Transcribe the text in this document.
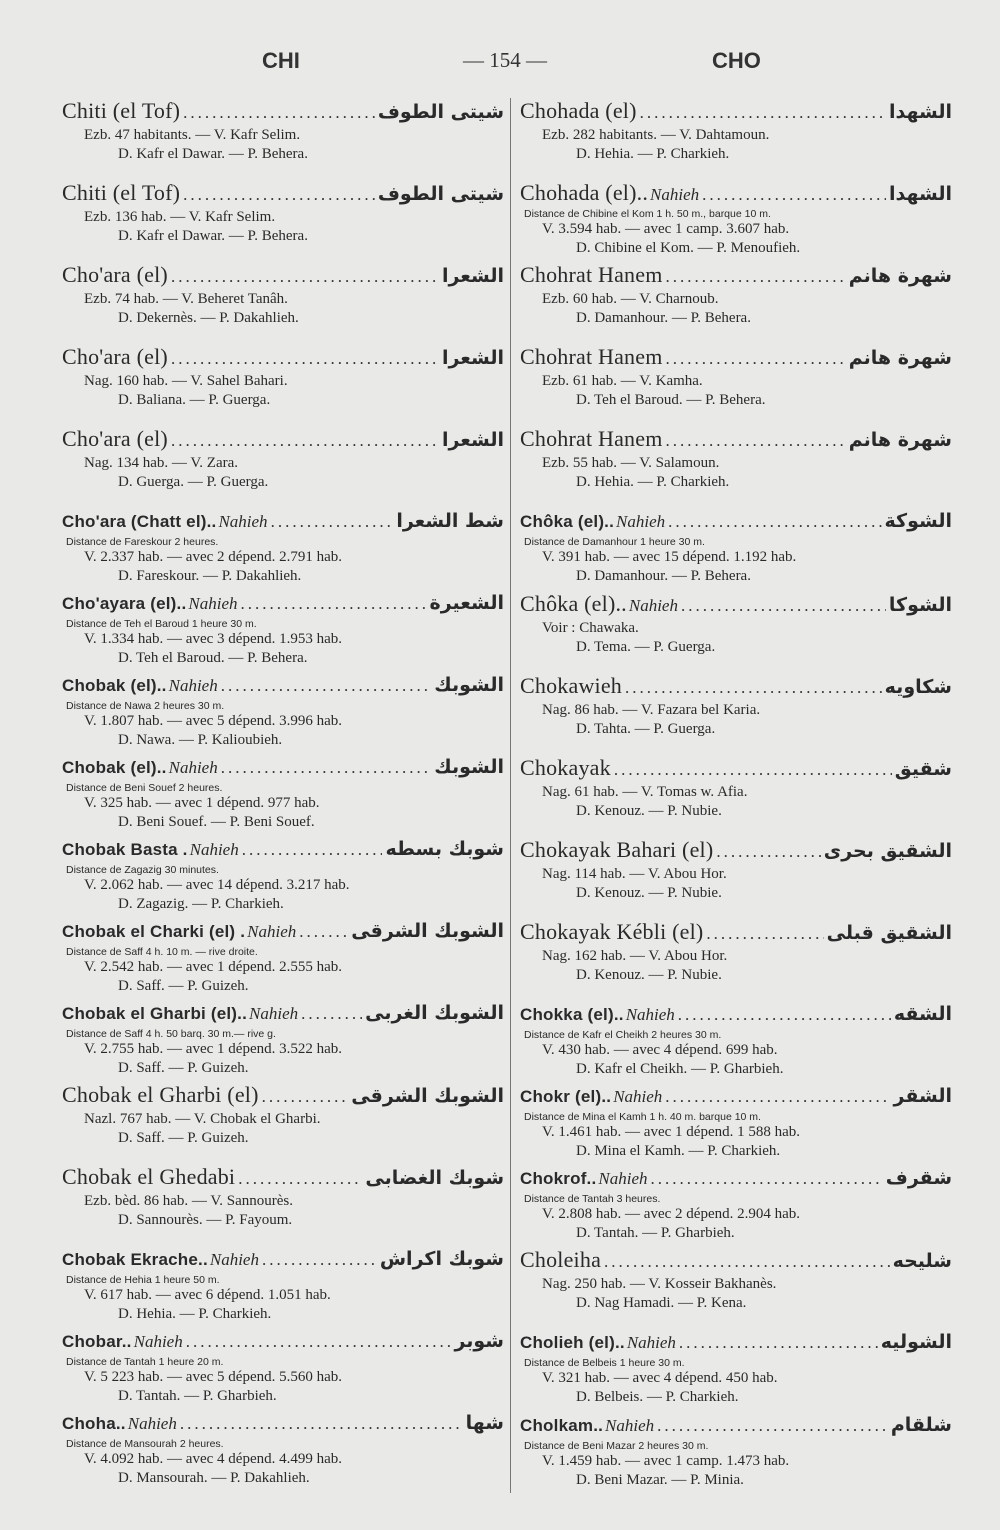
CHI	— 154 —	CHO
Chiti (el Tof) .....	شيتى الطوف
Ezb. 47 habitants. — V. Kafr Selim.
D. Kafr el Dawar. — P. Behera.
Chiti (el Tof) .....	شيتى الطوف
Ezb. 136 hab. — V. Kafr Selim.
D. Kafr el Dawar. — P. Behera.
Cho'ara (el) .....	الشعرا
Ezb. 74 hab. — V. Beheret Tanâh.
D. Dekernès. — P. Dakahlieh.
Cho'ara (el) .....	الشعرا
Nag. 160 hab. — V. Sahel Bahari.
D. Baliana. — P. Guerga.
Cho'ara (el) .....	الشعرا
Nag. 134 hab. — V. Zara.
D. Guerga. — P. Guerga.
Cho'ara (Chatt el).. Nahieh .....	شط الشعرا
Distance de Fareskour 2 heures.
V. 2.337 hab. — avec 2 dépend. 2.791 hab.
D. Fareskour. — P. Dakahlieh.
Cho'ayara (el).. Nahieh .....	الشعيرة
Distance de Teh el Baroud 1 heure 30 m.
V. 1.334 hab. — avec 3 dépend. 1.953 hab.
D. Teh el Baroud. — P. Behera.
Chobak (el).. Nahieh .....	الشوبك
Distance de Nawa 2 heures 30 m.
V. 1.807 hab. — avec 5 dépend. 3.996 hab.
D. Nawa. — P. Kalioubieh.
Chobak (el).. Nahieh .....	الشوبك
Distance de Beni Souef 2 heures.
V. 325 hab. — avec 1 dépend. 977 hab.
D. Beni Souef. — P. Beni Souef.
Chobak Basta . Nahieh .....	شوبك بسطه
Distance de Zagazig 30 minutes.
V. 2.062 hab. — avec 14 dépend. 3.217 hab.
D. Zagazig. — P. Charkieh.
Chobak el Charki (el) . Nahieh .....	الشوبك الشرقى
Distance de Saff 4 h. 10 m. — rive droite.
V. 2.542 hab. — avec 1 dépend. 2.555 hab.
D. Saff. — P. Guizeh.
Chobak el Gharbi (el).. Nahieh .....	الشوبك الغربى
Distance de Saff 4 h. 50 barq. 30 m.— rive g.
V. 2.755 hab. — avec 1 dépend. 3.522 hab.
D. Saff. — P. Guizeh.
Chobak el Gharbi (el) .....	الشوبك الشرقى
Nazl. 767 hab. — V. Chobak el Gharbi.
D. Saff. — P. Guizeh.
Chobak el Ghedabi .....	شوبك الغضابى
Ezb. bèd. 86 hab. — V. Sannourès.
D. Sannourès. — P. Fayoum.
Chobak Ekrache.. Nahieh .....	شوبك اكراش
Distance de Hehia 1 heure 50 m.
V. 617 hab. — avec 6 dépend. 1.051 hab.
D. Hehia. — P. Charkieh.
Chobar.. Nahieh .....	شوبر
Distance de Tantah 1 heure 20 m.
V. 5 223 hab. — avec 5 dépend. 5.560 hab.
D. Tantah. — P. Gharbieh.
Choha.. Nahieh .....	شها
Distance de Mansourah 2 heures.
V. 4.092 hab. — avec 4 dépend. 4.499 hab.
D. Mansourah. — P. Dakahlieh.
Chohada (el) .....	الشهدا
Ezb. 282 habitants. — V. Dahtamoun.
D. Hehia. — P. Charkieh.
Chohada (el).. Nahieh .....	الشهدا
Distance de Chibine el Kom 1 h. 50 m., barque 10 m.
V. 3.594 hab. — avec 1 camp. 3.607 hab.
D. Chibine el Kom. — P. Menoufieh.
Chohrat Hanem .....	شهرة هانم
Ezb. 60 hab. — V. Charnoub.
D. Damanhour. — P. Behera.
Chohrat Hanem .....	شهرة هانم
Ezb. 61 hab. — V. Kamha.
D. Teh el Baroud. — P. Behera.
Chohrat Hanem .....	شهرة هانم
Ezb. 55 hab. — V. Salamoun.
D. Hehia. — P. Charkieh.
Chôka (el).. Nahieh .....	الشوكة
Distance de Damanhour 1 heure 30 m.
V. 391 hab. — avec 15 dépend. 1.192 hab.
D. Damanhour. — P. Behera.
Chôka (el).. Nahieh .....	الشوكا
Voir : Chawaka.
D. Tema. — P. Guerga.
Chokawieh .....	شكاويه
Nag. 86 hab. — V. Fazara bel Karia.
D. Tahta. — P. Guerga.
Chokayak .....	شقيق
Nag. 61 hab. — V. Tomas w. Afia.
D. Kenouz. — P. Nubie.
Chokayak Bahari (el) .....	الشقيق بحرى
Nag. 114 hab. — V. Abou Hor.
D. Kenouz. — P. Nubie.
Chokayak Kébli (el) .....	الشقيق قبلى
Nag. 162 hab. — V. Abou Hor.
D. Kenouz. — P. Nubie.
Chokka (el).. Nahieh .....	الشقه
Distance de Kafr el Cheikh 2 heures 30 m.
V. 430 hab. — avec 4 dépend. 699 hab.
D. Kafr el Cheikh. — P. Gharbieh.
Chokr (el).. Nahieh .....	الشقر
Distance de Mina el Kamh 1 h. 40 m. barque 10 m.
V. 1.461 hab. — avec 1 dépend. 1 588 hab.
D. Mina el Kamh. — P. Charkieh.
Chokrof.. Nahieh .....	شقرف
Distance de Tantah 3 heures.
V. 2.808 hab. — avec 2 dépend. 2.904 hab.
D. Tantah. — P. Gharbieh.
Choleiha .....	شليحه
Nag. 250 hab. — V. Kosseir Bakhanès.
D. Nag Hamadi. — P. Kena.
Cholieh (el).. Nahieh .....	الشوليه
Distance de Belbeis 1 heure 30 m.
V. 321 hab. — avec 4 dépend. 450 hab.
D. Belbeis. — P. Charkieh.
Cholkam.. Nahieh .....	شلقام
Distance de Beni Mazar 2 heures 30 m.
V. 1.459 hab. — avec 1 camp. 1.473 hab.
D. Beni Mazar. — P. Minia.
